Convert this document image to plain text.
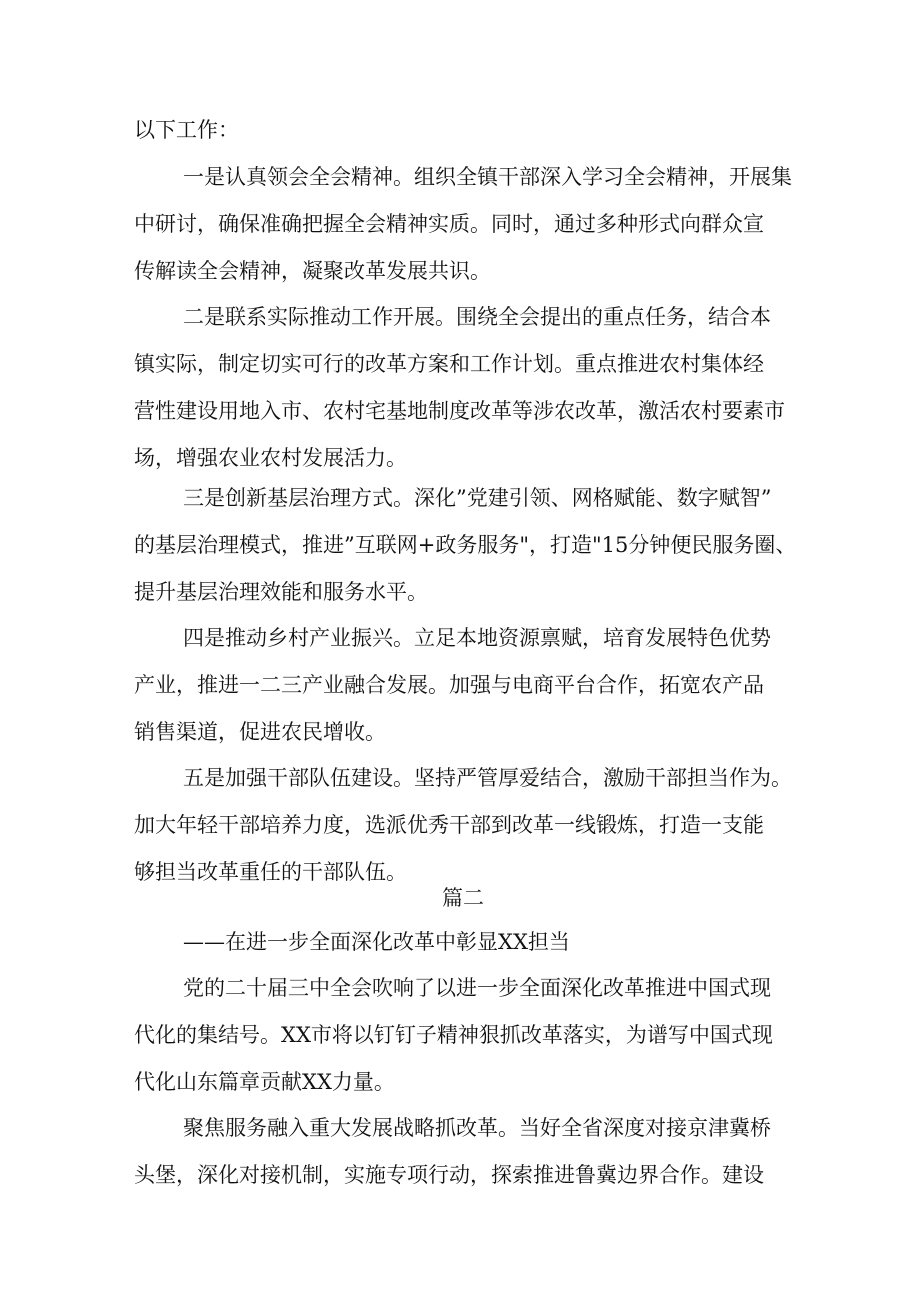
以下工作：

一是认真领会全会精神。组织全镇干部深入学习全会精神，开展集

中研讨，确保准确把握全会精神实质。同时，通过多种形式向群众宣

传解读全会精神，凝聚改革发展共识。

二是联系实际推动工作开展。围绕全会提出的重点任务，结合本

镇实际，制定切实可行的改革方案和工作计划。重点推进农村集体经

营性建设用地入市、农村宅基地制度改革等涉农改革，激活农村要素市

场，增强农业农村发展活力。

三是创新基层治理方式。深化”党建引领、网格赋能、数字赋智”

的基层治理模式，推进”互联网+政务服务"，打造"15分钟便民服务圈、

提升基层治理效能和服务水平。

四是推动乡村产业振兴。立足本地资源禀赋，培育发展特色优势

产业，推进一二三产业融合发展。加强与电商平台合作，拓宽农产品

销售渠道，促进农民增收。

五是加强干部队伍建设。坚持严管厚爱结合，激励干部担当作为。

加大年轻干部培养力度，选派优秀干部到改革一线锻炼，打造一支能

够担当改革重任的干部队伍。

篇二

——在进一步全面深化改革中彰显XX担当

党的二十届三中全会吹响了以进一步全面深化改革推进中国式现

代化的集结号。XX市将以钉钉子精神狠抓改革落实，为谱写中国式现

代化山东篇章贡献XX力量。

聚焦服务融入重大发展战略抓改革。当好全省深度对接京津冀桥

头堡，深化对接机制，实施专项行动，探索推进鲁冀边界合作。建设
